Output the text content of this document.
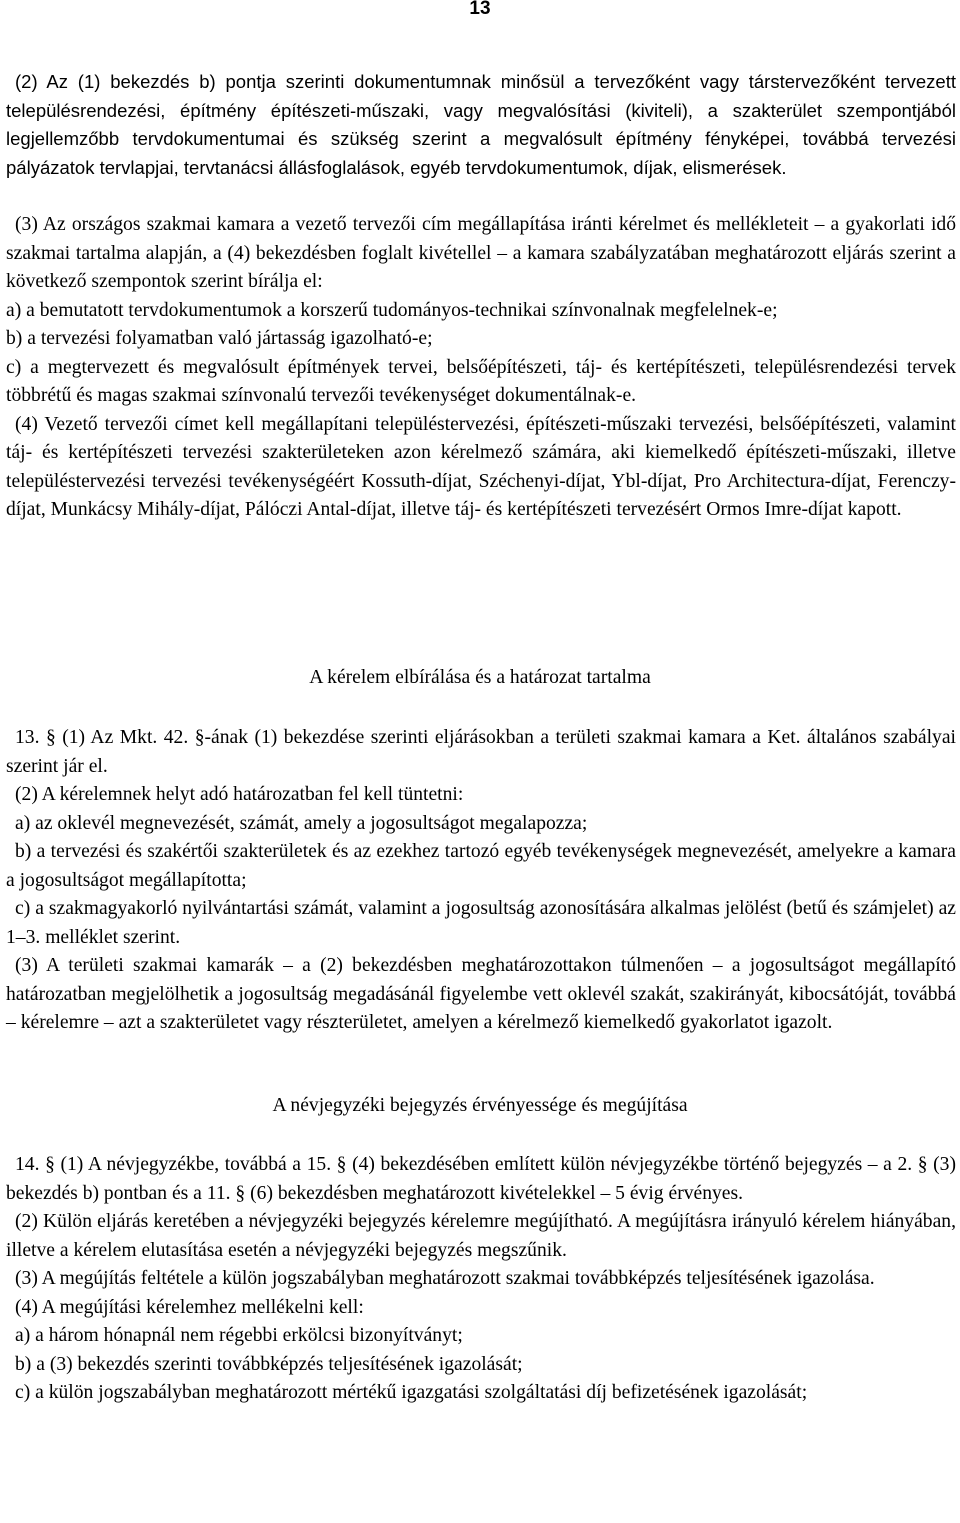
13

(2) Az (1) bekezdés b) pontja szerinti dokumentumnak minősül a tervezőként vagy társtervezőként tervezett településrendezési, építmény építészeti-műszaki, vagy megvalósítási (kiviteli), a szakterület szempontjából legjellemzőbb tervdokumentumai és szükség szerint a megvalósult építmény fényképei, továbbá tervezési pályázatok tervlapjai, tervtanácsi állásfoglalások, egyéb tervdokumentumok, díjak, elismerések.

(3) Az országos szakmai kamara a vezető tervezői cím megállapítása iránti kérelmet és mellékleteit – a gyakorlati idő szakmai tartalma alapján, a (4) bekezdésben foglalt kivétellel – a kamara szabályzatában meghatározott eljárás szerint a következő szempontok szerint bírálja el:

a) a bemutatott tervdokumentumok a korszerű tudományos-technikai színvonalnak megfelelnek-e;

b) a tervezési folyamatban való jártasság igazolható-e;

c) a megtervezett és megvalósult építmények tervei, belsőépítészeti, táj- és kertépítészeti, településrendezési tervek többrétű és magas szakmai színvonalú tervezői tevékenységet dokumentálnak-e.

(4) Vezető tervezői címet kell megállapítani településtervezési, építészeti-műszaki tervezési, belsőépítészeti, valamint táj- és kertépítészeti tervezési szakterületeken azon kérelmező számára, aki kiemelkedő építészeti-műszaki, illetve településtervezési tervezési tevékenységéért Kossuth-díjat, Széchenyi-díjat, Ybl-díjat, Pro Architectura-díjat, Ferenczy-díjat, Munkácsy Mihály-díjat, Pálóczi Antal-díjat, illetve táj- és kertépítészeti tervezésért Ormos Imre-díjat kapott.

A kérelem elbírálása és a határozat tartalma

13. § (1) Az Mkt. 42. §-ának (1) bekezdése szerinti eljárásokban a területi szakmai kamara a Ket. általános szabályai szerint jár el.

(2) A kérelemnek helyt adó határozatban fel kell tüntetni:

a) az oklevél megnevezését, számát, amely a jogosultságot megalapozza;

b) a tervezési és szakértői szakterületek és az ezekhez tartozó egyéb tevékenységek megnevezését, amelyekre a kamara a jogosultságot megállapította;

c) a szakmagyakorló nyilvántartási számát, valamint a jogosultság azonosítására alkalmas jelölést (betű és számjelet) az 1–3. melléklet szerint.

(3) A területi szakmai kamarák – a (2) bekezdésben meghatározottakon túlmenően – a jogosultságot megállapító határozatban megjelölhetik a jogosultság megadásánál figyelembe vett oklevél szakát, szakirányát, kibocsátóját, továbbá – kérelemre – azt a szakterületet vagy részterületet, amelyen a kérelmező kiemelkedő gyakorlatot igazolt.

A névjegyzéki bejegyzés érvényessége és megújítása

14. § (1) A névjegyzékbe, továbbá a 15. § (4) bekezdésében említett külön névjegyzékbe történő bejegyzés – a 2. § (3) bekezdés b) pontban és a 11. § (6) bekezdésben meghatározott kivételekkel – 5 évig érvényes.

(2) Külön eljárás keretében a névjegyzéki bejegyzés kérelemre megújítható. A megújításra irányuló kérelem hiányában, illetve a kérelem elutasítása esetén a névjegyzéki bejegyzés megszűnik.

(3) A megújítás feltétele a külön jogszabályban meghatározott szakmai továbbképzés teljesítésének igazolása.

(4) A megújítási kérelemhez mellékelni kell:

a) a három hónapnál nem régebbi erkölcsi bizonyítványt;

b) a (3) bekezdés szerinti továbbképzés teljesítésének igazolását;

c) a külön jogszabályban meghatározott mértékű igazgatási szolgáltatási díj befizetésének igazolását;
